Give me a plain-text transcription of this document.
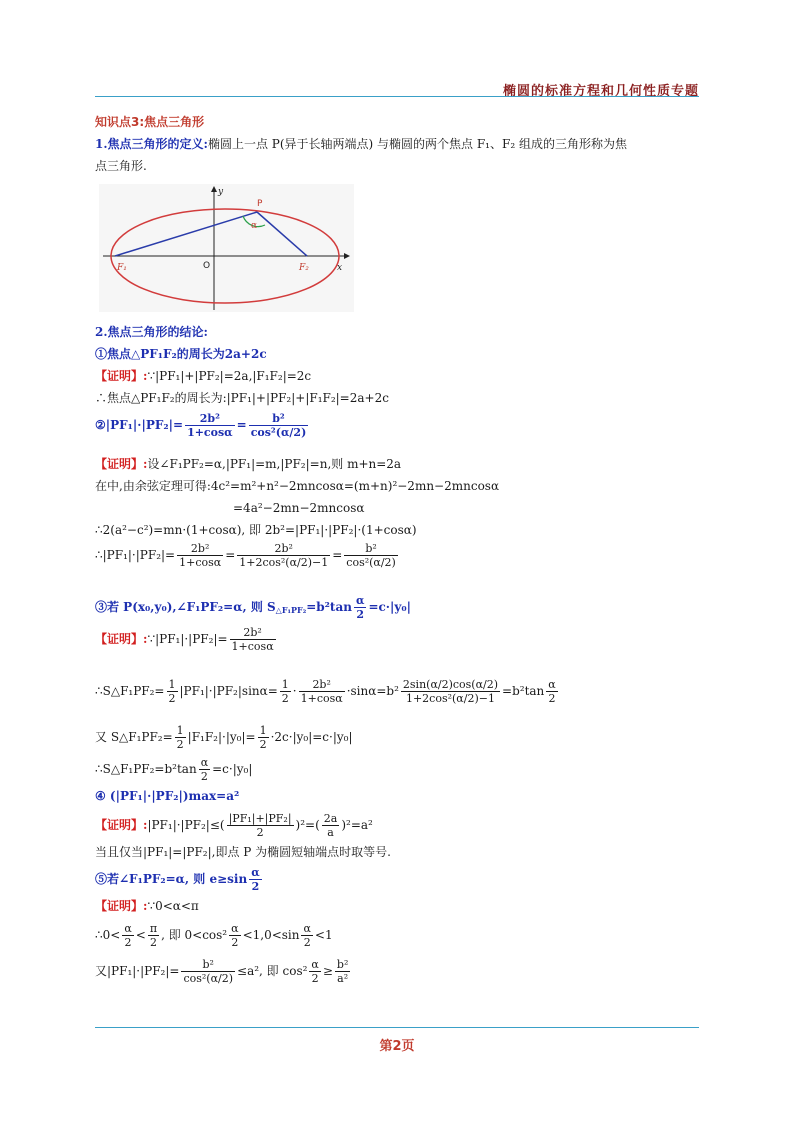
椭圆的标准方程和几何性质专题
知识点3:焦点三角形
1.焦点三角形的定义:椭圆上一点 P(异于长轴两端点) 与椭圆的两个焦点 F₁、F₂ 组成的三角形称为焦
点三角形.
P
α
F₁	F₂
O	x
y
2.焦点三角形的结论:
①焦点△PF₁F₂的周长为2a+2c
【证明】:∵|PF₁|+|PF₂|=2a,|F₁F₂|=2c
∴焦点△PF₁F₂的周长为:|PF₁|+|PF₂|+|F₁F₂|=2a+2c
②|PF₁|·|PF₂|= $\frac{\text{2b²}}{1+\cos\alpha} = \frac{\text{b²}}{\text{cos²(α/2)}}$
【证明】:设∠F₁PF₂=α,|PF₁|=m,|PF₂|=n,则 m+n=2a
在中,由余弦定理可得:4c²=m²+n²−2mncosα=(m+n)²−2mn−2mncosα
=4a²−2mn−2mncosα
∴2(a²−c²)=mn·(1+cosα), 即 2b²=|PF₁|·|PF₂|·(1+cosα)
∴|PF₁|·|PF₂|= $\frac{\text{2b²}}{1+\cos\alpha} = \frac{\text{2b²}}{\text{1+2cos²(α/2)−1}} = \frac{\text{b²}}{\text{cos²(α/2)}}$
③若 P(x₀,y₀),∠F₁PF₂=α, 则 $S_{\triangle F_1PF_2}=b^2\tan \frac{\alpha}{2} =c\cdot|y_0|$
【证明】:∵|PF₁|·|PF₂|= $\frac{\text{2b²}}{1+\cos\alpha}$
∴S△F₁PF₂= $\frac{1}{2} |PF_1|\cdot|PF_2|\sin\alpha= \frac{1}{2} \cdot \frac{\text{2b²}}{1+\cos\alpha} \cdot\sin\alpha=b^2 \frac{2\sin(\alpha/2)\cos(\alpha/2)}{\text{1+2cos²(α/2)−1}} =b^2\tan \frac{\alpha}{2}$
又 S△F₁PF₂= $\frac{1}{2} |F_1F_2|\cdot|y_0|= \frac{1}{2} \cdot 2c\cdot|y_0|=c\cdot|y_0|$
∴S△F₁PF₂=b²tan $\frac{\alpha}{2} =c\cdot|y_0|$
④ (|PF₁|·|PF₂|)max=a²
【证明】:|PF₁|·|PF₂|≤( $\frac{\text{|PF₁|+|PF₂|}}{2} )^2=( \frac{2a}{a} )^2=a^2$
当且仅当|PF₁|=|PF₂|,即点 P 为椭圆短轴端点时取等号.
⑤若∠F₁PF₂=α, 则 $e\ge\sin \frac{\alpha}{2}$
【证明】:∵0<α<π
∴0< $\frac{\alpha}{2} < \frac{\pi}{2}$ , 即 $0<\cos^2 \frac{\alpha}{2} <1,0<\sin \frac{\alpha}{2} <1$
又$|PF_1|\cdot|PF_2|= \frac{\text{b²}}{\text{cos²(α/2)}} \le a^2$, 即 $\cos^2 \frac{\alpha}{2} \ge \frac{\text{b²}}{\text{a²}}$
第2页
